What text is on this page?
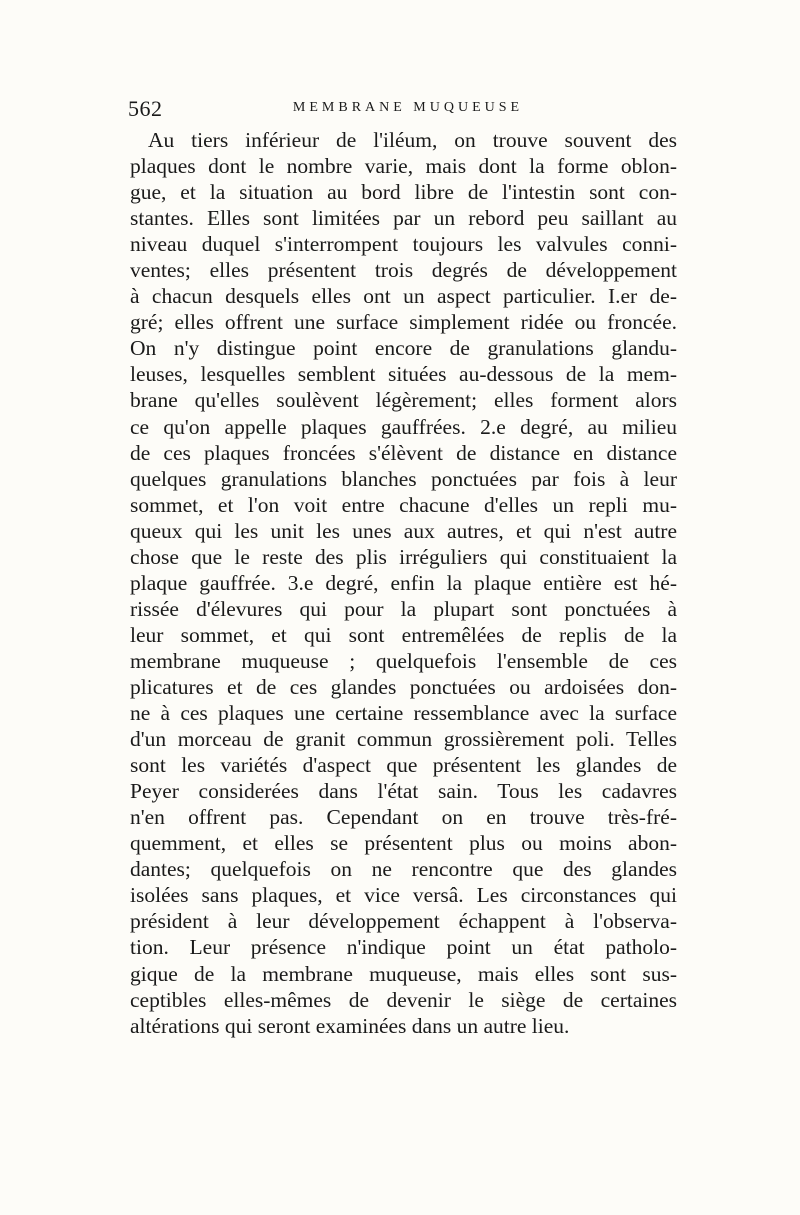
562	MEMBRANE MUQUEUSE
Au tiers inférieur de l'iléum, on trouve souvent des
plaques dont le nombre varie, mais dont la forme oblon-
gue, et la situation au bord libre de l'intestin sont con-
stantes. Elles sont limitées par un rebord peu saillant au
niveau duquel s'interrompent toujours les valvules conni-
ventes; elles présentent trois degrés de développement
à chacun desquels elles ont un aspect particulier. I.er de-
gré; elles offrent une surface simplement ridée ou froncée.
On n'y distingue point encore de granulations glandu-
leuses, lesquelles semblent situées au-dessous de la mem-
brane qu'elles soulèvent légèrement; elles forment alors
ce qu'on appelle plaques gauffrées. 2.e degré, au milieu
de ces plaques froncées s'élèvent de distance en distance
quelques granulations blanches ponctuées par fois à leur
sommet, et l'on voit entre chacune d'elles un repli mu-
queux qui les unit les unes aux autres, et qui n'est autre
chose que le reste des plis irréguliers qui constituaient la
plaque gauffrée. 3.e degré, enfin la plaque entière est hé-
rissée d'élevures qui pour la plupart sont ponctuées à
leur sommet, et qui sont entremêlées de replis de la
membrane muqueuse ; quelquefois l'ensemble de ces
plicatures et de ces glandes ponctuées ou ardoisées don-
ne à ces plaques une certaine ressemblance avec la surface
d'un morceau de granit commun grossièrement poli. Telles
sont les variétés d'aspect que présentent les glandes de
Peyer considerées dans l'état sain. Tous les cadavres
n'en offrent pas. Cependant on en trouve très-fré-
quemment, et elles se présentent plus ou moins abon-
dantes; quelquefois on ne rencontre que des glandes
isolées sans plaques, et vice versâ. Les circonstances qui
président à leur développement échappent à l'observa-
tion. Leur présence n'indique point un état patholo-
gique de la membrane muqueuse, mais elles sont sus-
ceptibles elles-mêmes de devenir le siège de certaines
altérations qui seront examinées dans un autre lieu.
